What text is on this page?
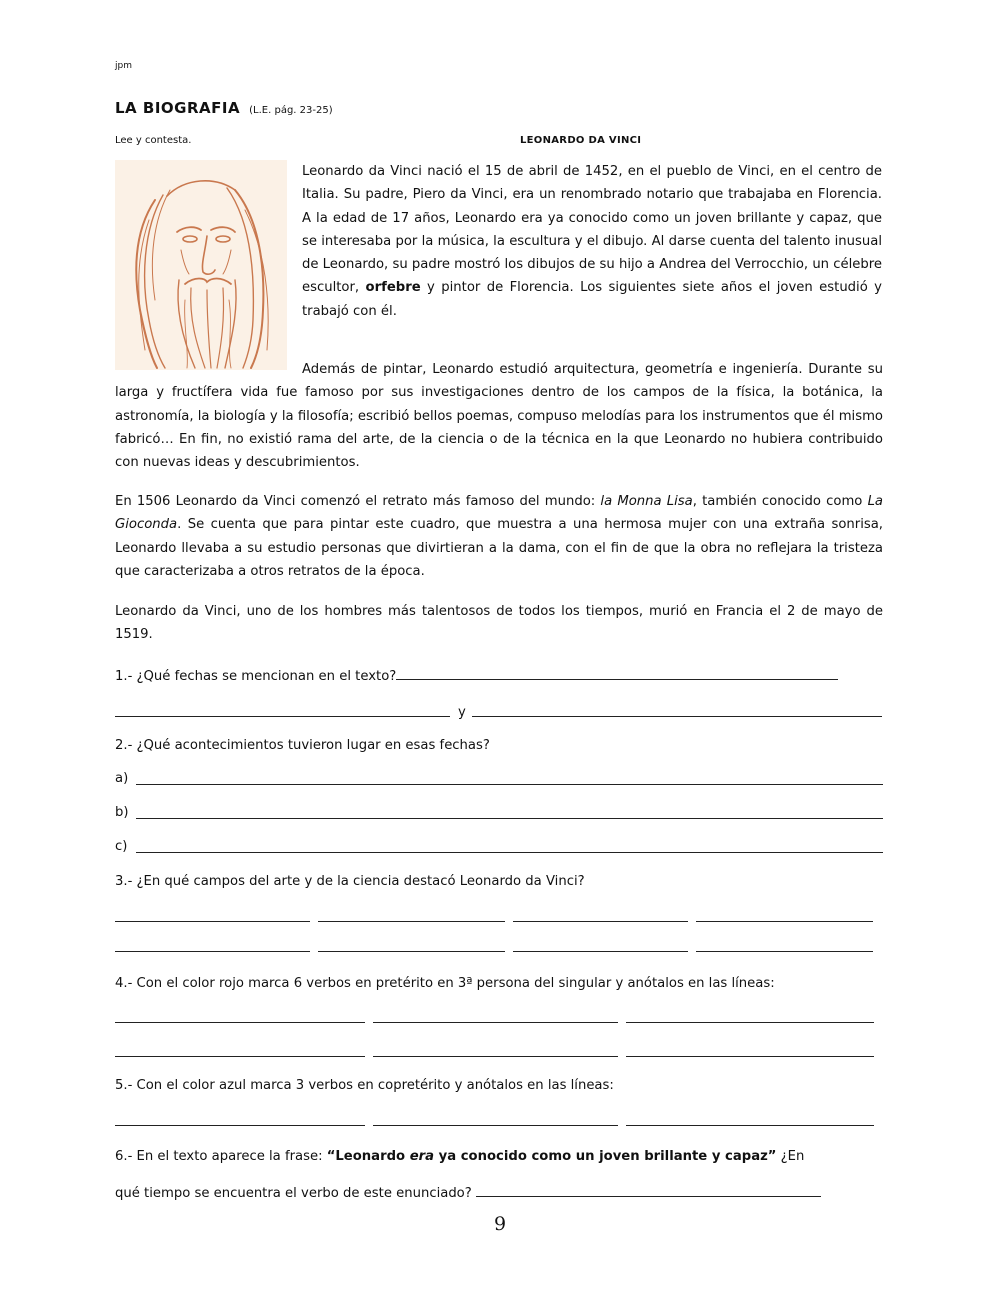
jpm
LA BIOGRAFIA (L.E. pág. 23-25)
Lee y contesta.	LEONARDO DA VINCI
Leonardo da Vinci nació el 15 de abril de 1452, en el pueblo de Vinci, en el centro de Italia. Su padre, Piero da Vinci, era un renombrado notario que trabajaba en Florencia. A la edad de 17 años, Leonardo era ya conocido como un joven brillante y capaz, que se interesaba por la música, la escultura y el dibujo. Al darse cuenta del talento inusual de Leonardo, su padre mostró los dibujos de su hijo a Andrea del Verrocchio, un célebre escultor, orfebre y pintor de Florencia. Los siguientes siete años el joven estudió y trabajó con él.
Además de pintar, Leonardo estudió arquitectura, geometría e ingeniería. Durante su larga y fructífera vida fue famoso por sus investigaciones dentro de los campos de la física, la botánica, la astronomía, la biología y la filosofía; escribió bellos poemas, compuso melodías para los instrumentos que él mismo fabricó… En fin, no existió rama del arte, de la ciencia o de la técnica en la que Leonardo no hubiera contribuido con nuevas ideas y descubrimientos.
En 1506 Leonardo da Vinci comenzó el retrato más famoso del mundo: la Monna Lisa, también conocido como La Gioconda. Se cuenta que para pintar este cuadro, que muestra a una hermosa mujer con una extraña sonrisa, Leonardo llevaba a su estudio personas que divirtieran a la dama, con el fin de que la obra no reflejara la tristeza que caracterizaba a otros retratos de la época.
Leonardo da Vinci, uno de los hombres más talentosos de todos los tiempos, murió en Francia el 2 de mayo de 1519.
1.- ¿Qué fechas se mencionan en el texto?
y
2.- ¿Qué acontecimientos tuvieron lugar en esas fechas?
a)
b)
c)
3.- ¿En qué campos del arte y de la ciencia destacó Leonardo da Vinci?
4.- Con el color rojo marca 6 verbos en pretérito en 3ª persona del singular y anótalos en las líneas:
5.- Con el color azul marca 3 verbos en copretérito y anótalos en las líneas:
6.- En el texto aparece la frase: “Leonardo era ya conocido como un joven brillante y capaz” ¿En
qué tiempo se encuentra el verbo de este enunciado?
9
